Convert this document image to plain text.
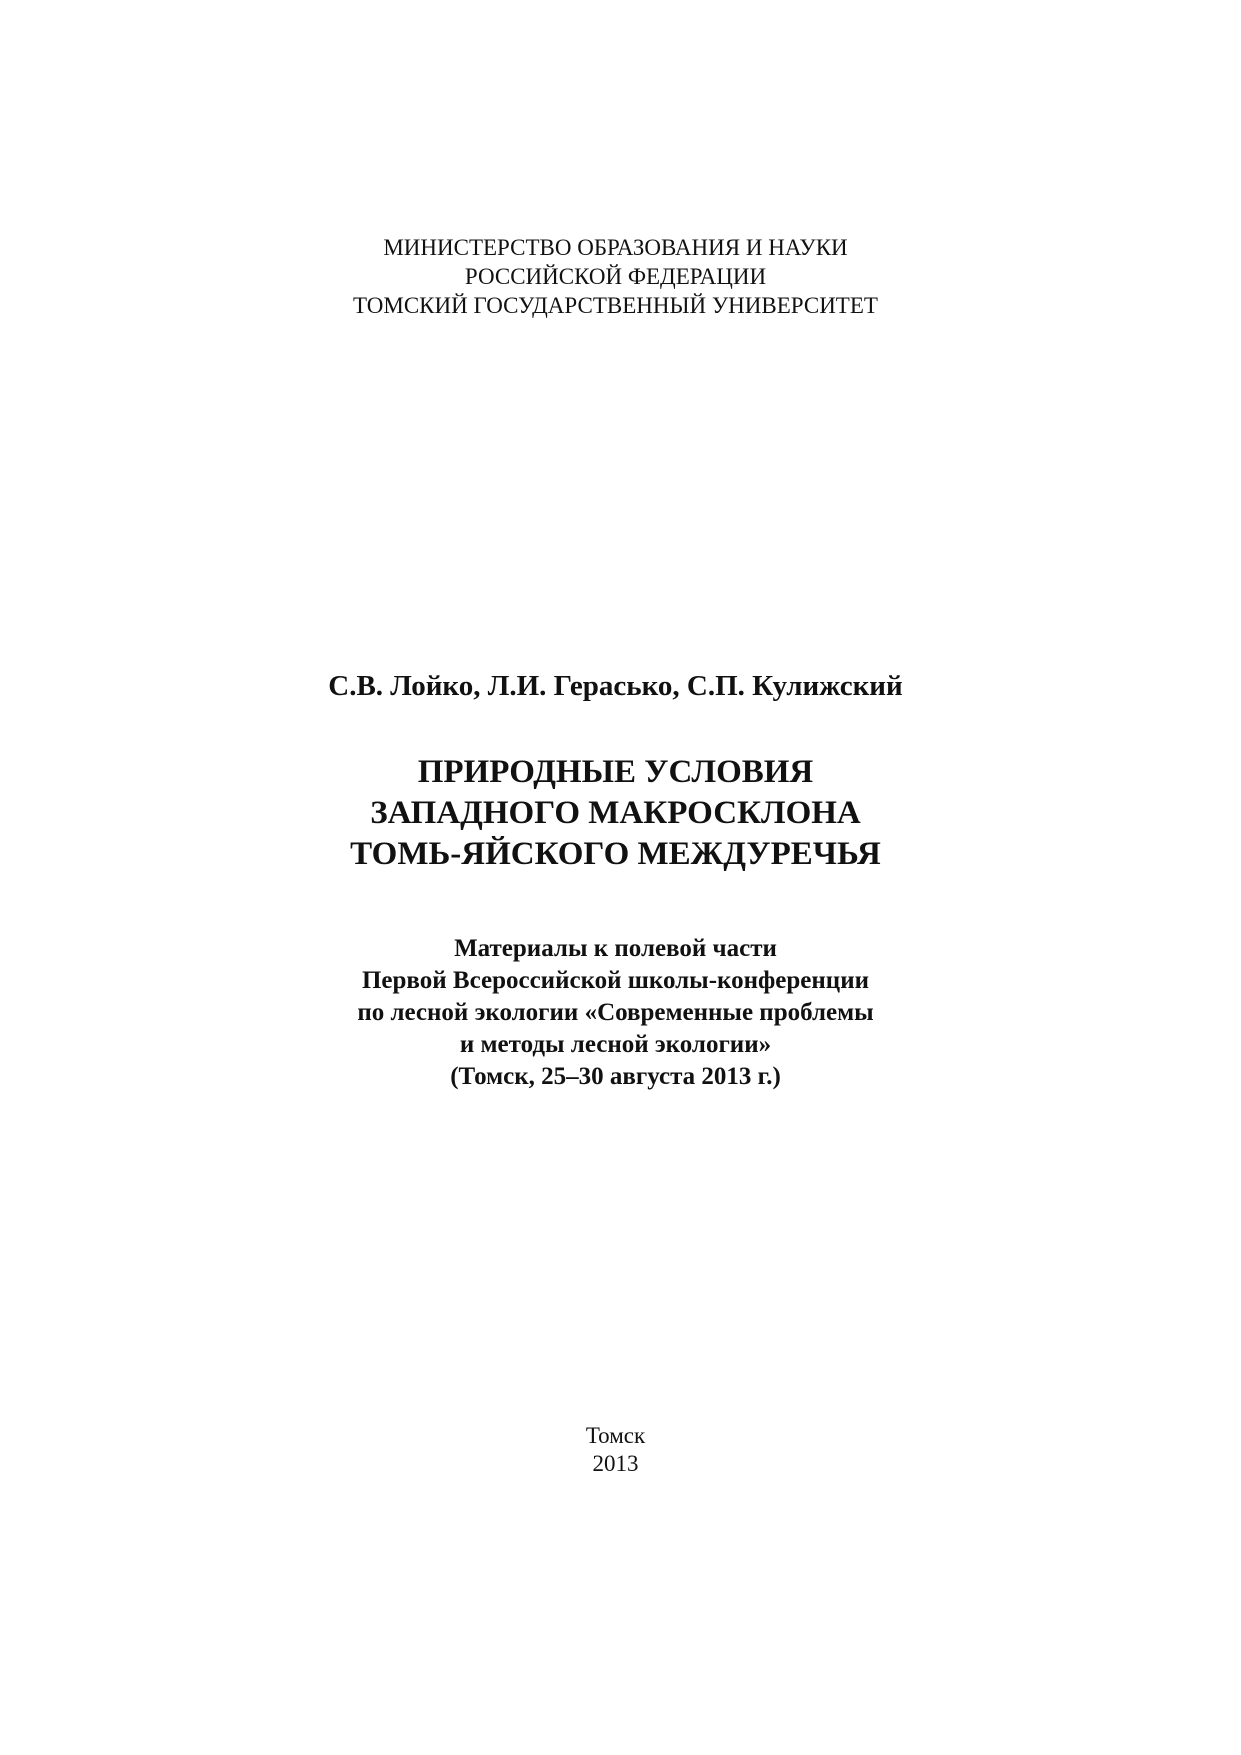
МИНИСТЕРСТВО ОБРАЗОВАНИЯ И НАУКИ
РОССИЙСКОЙ ФЕДЕРАЦИИ
ТОМСКИЙ ГОСУДАРСТВЕННЫЙ УНИВЕРСИТЕТ
С.В. Лойко, Л.И. Герасько, С.П. Кулижский
ПРИРОДНЫЕ УСЛОВИЯ
ЗАПАДНОГО МАКРОСКЛОНА
ТОМЬ-ЯЙСКОГО МЕЖДУРЕЧЬЯ
Материалы к полевой части
Первой Всероссийской школы-конференции
по лесной экологии «Современные проблемы
и методы лесной экологии»
(Томск, 25–30 августа 2013 г.)
Томск
2013
